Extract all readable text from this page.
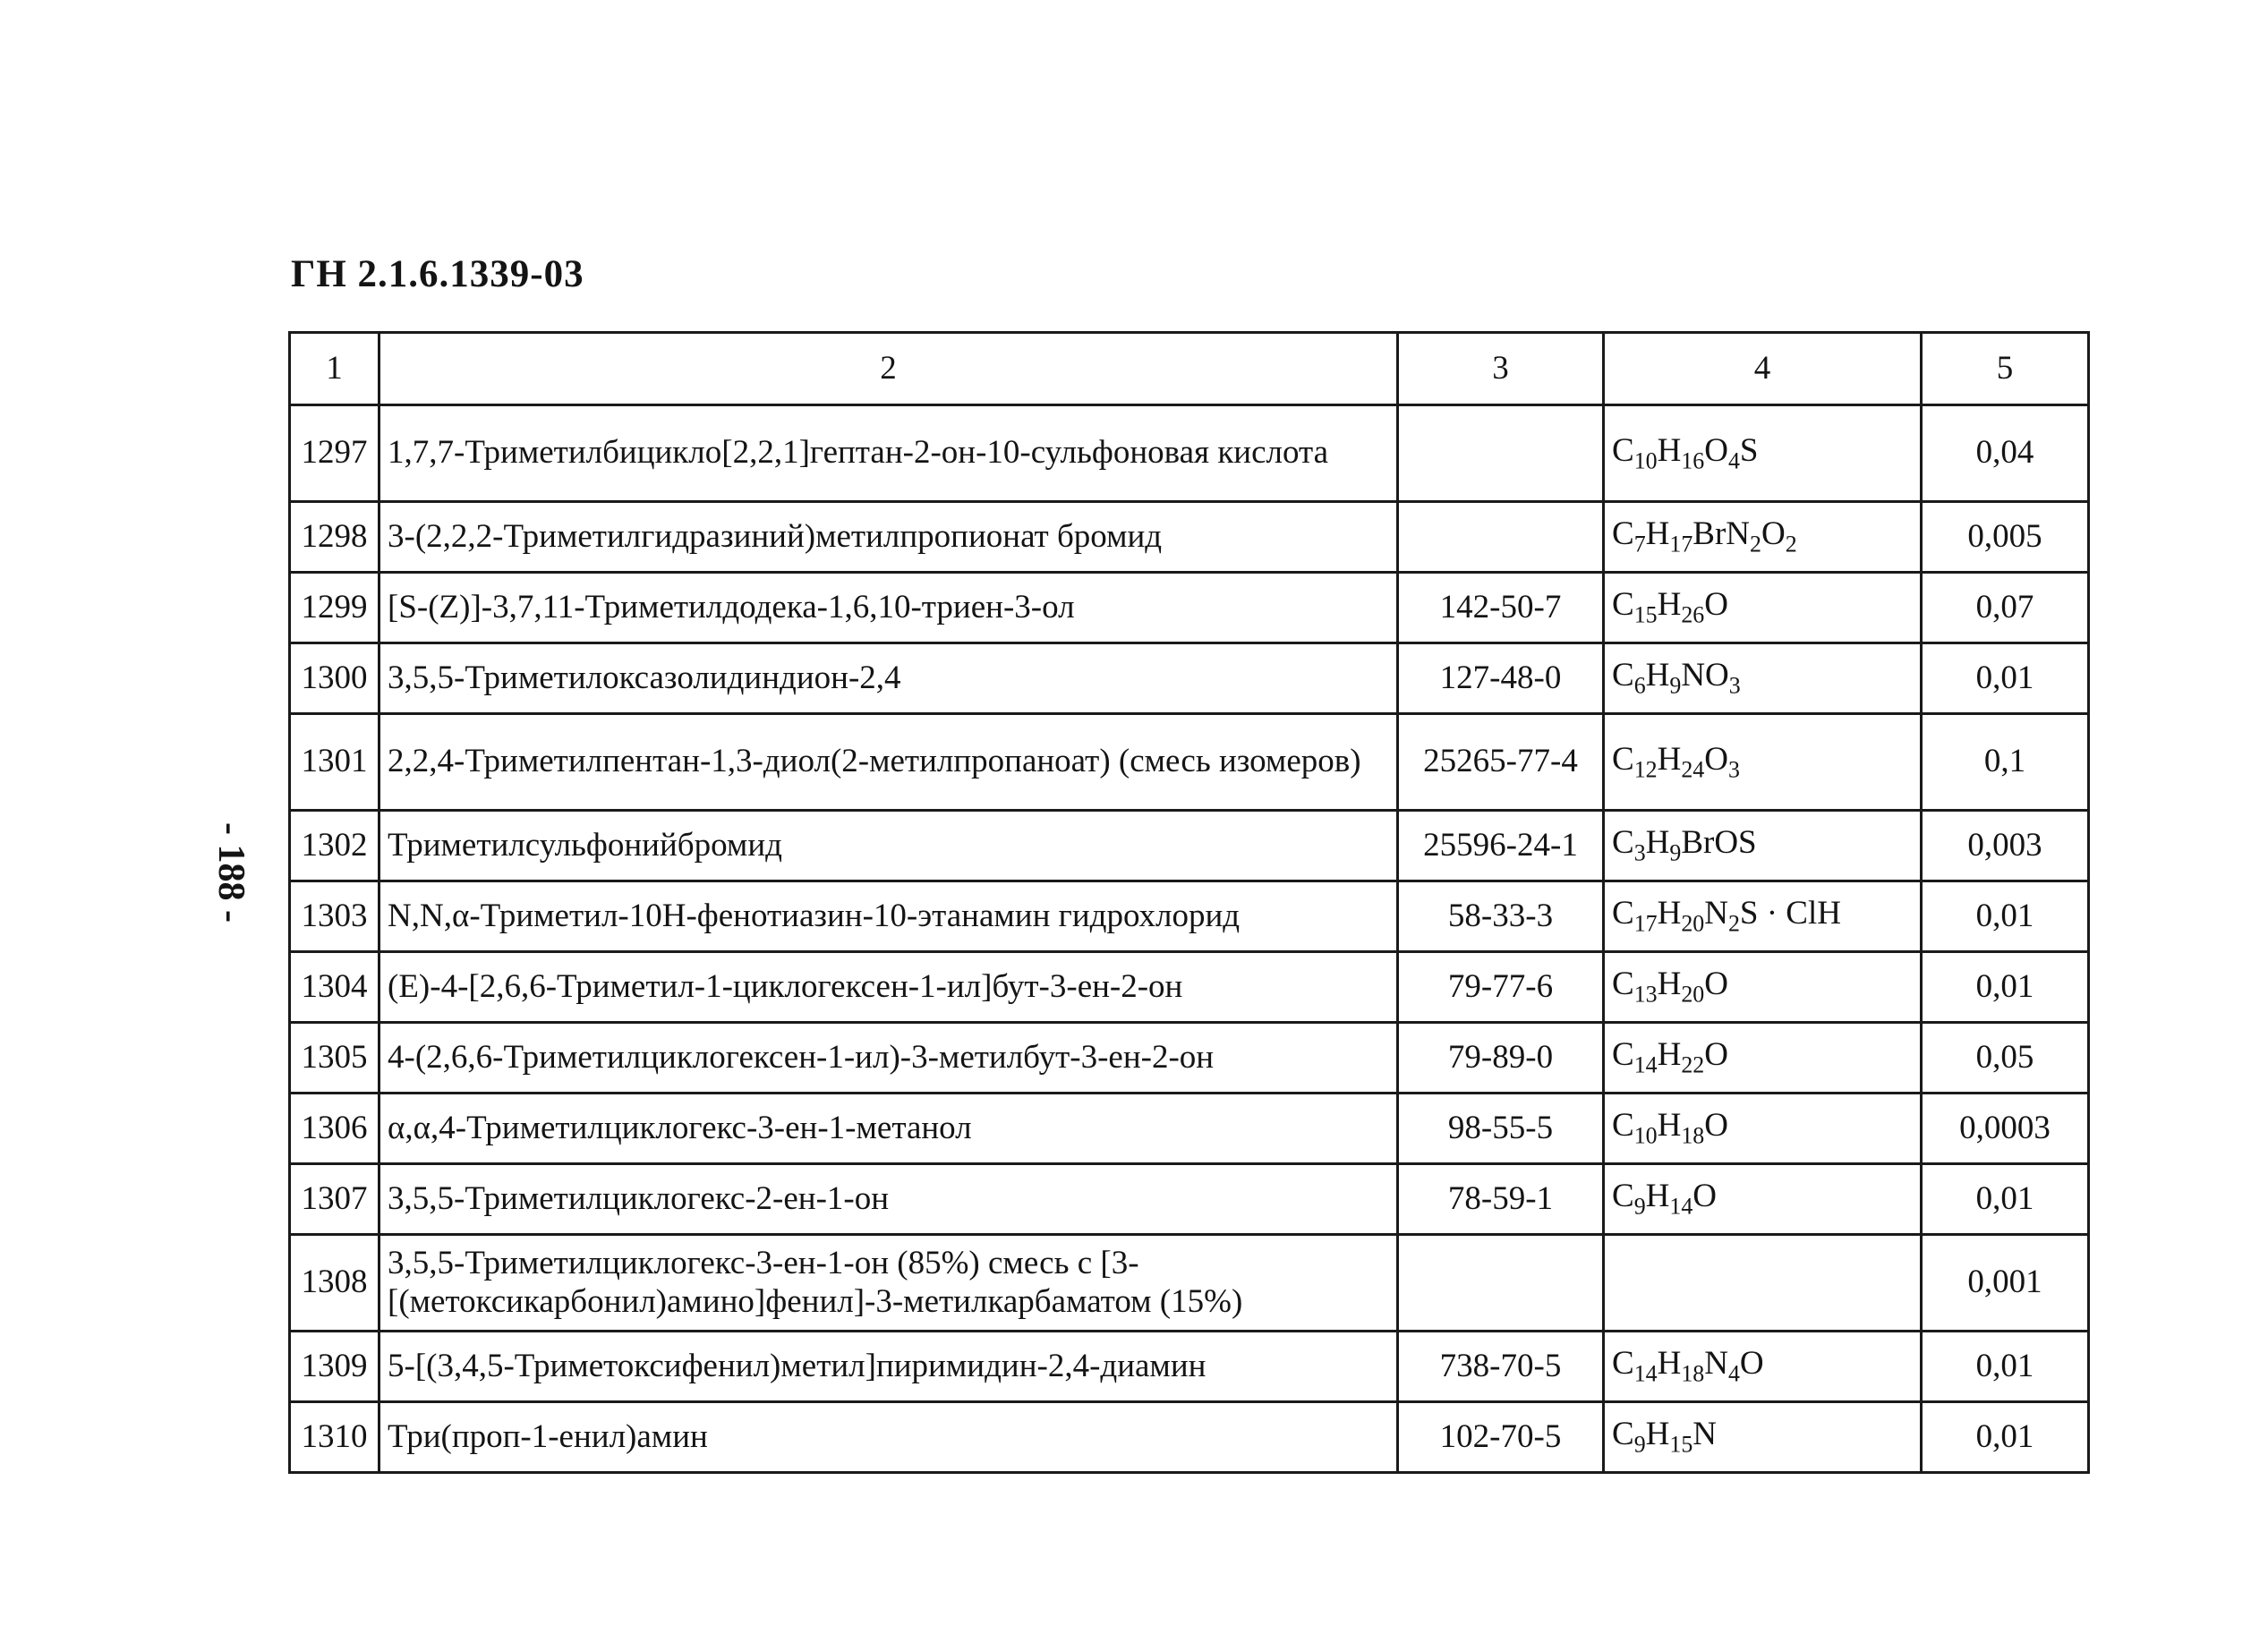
ГН 2.1.6.1339-03
- 188 -
1	2	3	4	5
1297	1,7,7-Триметилбицикло[2,2,1]гептан-2-он-10-сульфоновая кислота		$C_{10}H_{16}O_4S$	0,04
1298	3-(2,2,2-Триметилгидразиний)метилпропионат бромид		$C_7H_{17}BrN_2O_2$	0,005
1299	[S-(Z)]-3,7,11-Триметилдодека-1,6,10-триен-3-ол	142-50-7	$C_{15}H_{26}O$	0,07
1300	3,5,5-Триметилоксазолидиндион-2,4	127-48-0	$C_6H_9NO_3$	0,01
1301	2,2,4-Триметилпентан-1,3-диол(2-метилпропаноат) (смесь изомеров)	25265-77-4	$C_{12}H_{24}O_3$	0,1
1302	Триметилсульфонийбромид	25596-24-1	$C_3H_9BrOS$	0,003
1303	N,N,α-Триметил-10H-фенотиазин-10-этанамин гидрохлорид	58-33-3	$C_{17}H_{20}N_2S$ · ClH	0,01
1304	(E)-4-[2,6,6-Триметил-1-циклогексен-1-ил]бут-3-ен-2-он	79-77-6	$C_{13}H_{20}O$	0,01
1305	4-(2,6,6-Триметилциклогексен-1-ил)-3-метилбут-3-ен-2-он	79-89-0	$C_{14}H_{22}O$	0,05
1306	α,α,4-Триметилциклогекс-3-ен-1-метанол	98-55-5	$C_{10}H_{18}O$	0,0003
1307	3,5,5-Триметилциклогекс-2-ен-1-он	78-59-1	$C_9H_{14}O$	0,01
1308	3,5,5-Триметилциклогекс-3-ен-1-он (85%) смесь с [3-[(метоксикарбонил)амино]фенил]-3-метилкарбаматом (15%)			0,001
1309	5-[(3,4,5-Триметоксифенил)метил]пиримидин-2,4-диамин	738-70-5	$C_{14}H_{18}N_4O$	0,01
1310	Три(проп-1-енил)амин	102-70-5	$C_9H_{15}N$	0,01
